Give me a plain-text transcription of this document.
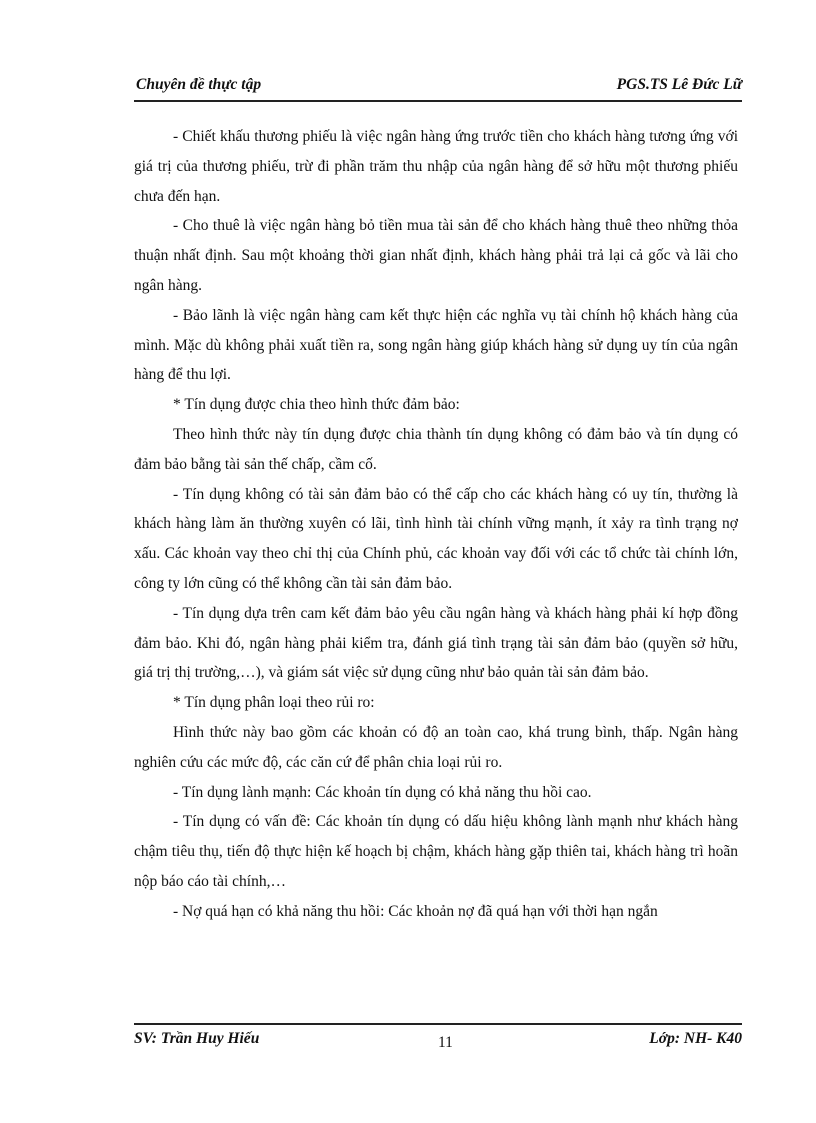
Chuyên đề thực tập	PGS.TS Lê Đức Lữ

- Chiết khấu thương phiếu là việc ngân hàng ứng trước tiền cho khách hàng tương ứng với giá trị của thương phiếu, trừ đi phần trăm thu nhập của ngân hàng để sở hữu một thương phiếu chưa đến hạn.

- Cho thuê là việc ngân hàng bỏ tiền mua tài sản để cho khách hàng thuê theo những thỏa thuận nhất định. Sau một khoảng thời gian nhất định, khách hàng phải trả lại cả gốc và lãi cho ngân hàng.

- Bảo lãnh là việc ngân hàng cam kết thực hiện các nghĩa vụ tài chính hộ khách hàng của mình. Mặc dù không phải xuất tiền ra, song ngân hàng giúp khách hàng sử dụng uy tín của ngân hàng để thu lợi.

* Tín dụng được chia theo hình thức đảm bảo:

Theo hình thức này tín dụng được chia thành tín dụng không có đảm bảo và tín dụng có đảm bảo bằng tài sản thế chấp, cầm cố.

- Tín dụng không có tài sản đảm bảo có thể cấp cho các khách hàng có uy tín, thường là khách hàng làm ăn thường xuyên có lãi, tình hình tài chính vững mạnh, ít xảy ra tình trạng nợ xấu. Các khoản vay theo chỉ thị của Chính phủ, các khoản vay đối với các tổ chức tài chính lớn, công ty lớn cũng có thể không cần tài sản đảm bảo.

- Tín dụng dựa trên cam kết đảm bảo yêu cầu ngân hàng và khách hàng phải kí hợp đồng đảm bảo. Khi đó, ngân hàng phải kiểm tra, đánh giá tình trạng tài sản đảm bảo (quyền sở hữu, giá trị thị trường,…), và giám sát việc sử dụng cũng như bảo quản tài sản đảm bảo.

* Tín dụng phân loại theo rủi ro:

Hình thức này bao gồm các khoản có độ an toàn cao, khá trung bình, thấp. Ngân hàng nghiên cứu các mức độ, các căn cứ để phân chia loại rủi ro.

- Tín dụng lành mạnh: Các khoản tín dụng có khả năng thu hồi cao.

- Tín dụng có vấn đề: Các khoản tín dụng có dấu hiệu không lành mạnh như khách hàng chậm tiêu thụ, tiến độ thực hiện kế hoạch bị chậm, khách hàng gặp thiên tai, khách hàng trì hoãn nộp báo cáo tài chính,…

- Nợ quá hạn có khả năng thu hồi: Các khoản nợ đã quá hạn với thời hạn ngắn

SV: Trần Huy Hiếu	11	Lớp: NH- K40
